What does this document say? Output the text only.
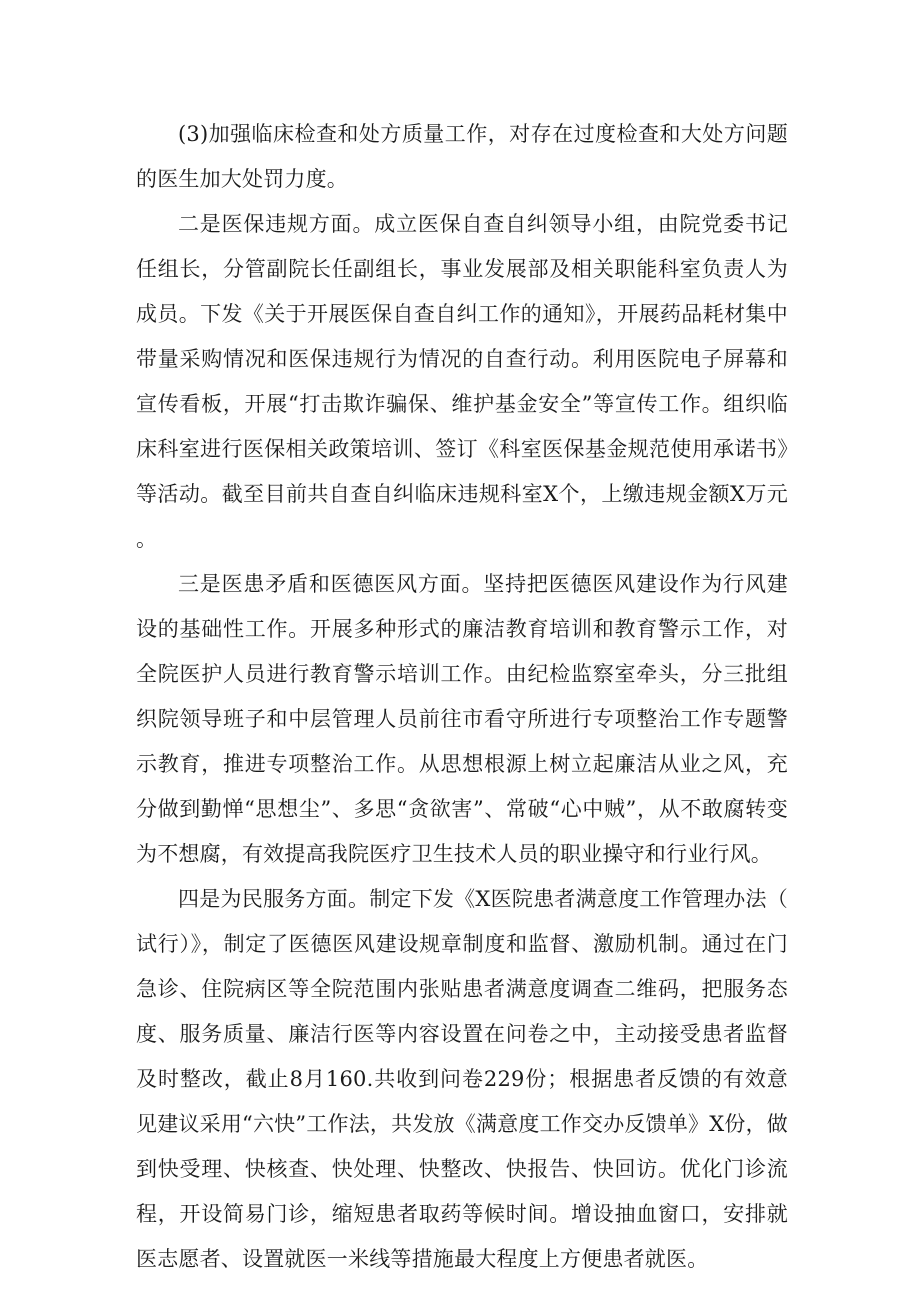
(3)加强临床检查和处方质量工作，对存在过度检查和大处方问题的医生加大处罚力度。

二是医保违规方面。成立医保自查自纠领导小组，由院党委书记任组长，分管副院长任副组长，事业发展部及相关职能科室负责人为成员。下发《关于开展医保自查自纠工作的通知》，开展药品耗材集中带量采购情况和医保违规行为情况的自查行动。利用医院电子屏幕和宣传看板，开展“打击欺诈骗保、维护基金安全”等宣传工作。组织临床科室进行医保相关政策培训、签订《科室医保基金规范使用承诺书》等活动。截至目前共自查自纠临床违规科室X个，上缴违规金额X万元。

三是医患矛盾和医德医风方面。坚持把医德医风建设作为行风建设的基础性工作。开展多种形式的廉洁教育培训和教育警示工作，对全院医护人员进行教育警示培训工作。由纪检监察室牵头，分三批组织院领导班子和中层管理人员前往市看守所进行专项整治工作专题警示教育，推进专项整治工作。从思想根源上树立起廉洁从业之风，充分做到勤惮“思想尘”、多思“贪欲害”、常破“心中贼”，从不敢腐转变为不想腐，有效提高我院医疗卫生技术人员的职业操守和行业行风。

四是为民服务方面。制定下发《X医院患者满意度工作管理办法（试行）》，制定了医德医风建设规章制度和监督、激励机制。通过在门急诊、住院病区等全院范围内张贴患者满意度调查二维码，把服务态度、服务质量、廉洁行医等内容设置在问卷之中，主动接受患者监督及时整改，截止8月160.共收到问卷229份；根据患者反馈的有效意见建议采用“六快”工作法，共发放《满意度工作交办反馈单》X份，做到快受理、快核查、快处理、快整改、快报告、快回访。优化门诊流程，开设简易门诊，缩短患者取药等候时间。增设抽血窗口，安排就医志愿者、设置就医一米线等措施最大程度上方便患者就医。
